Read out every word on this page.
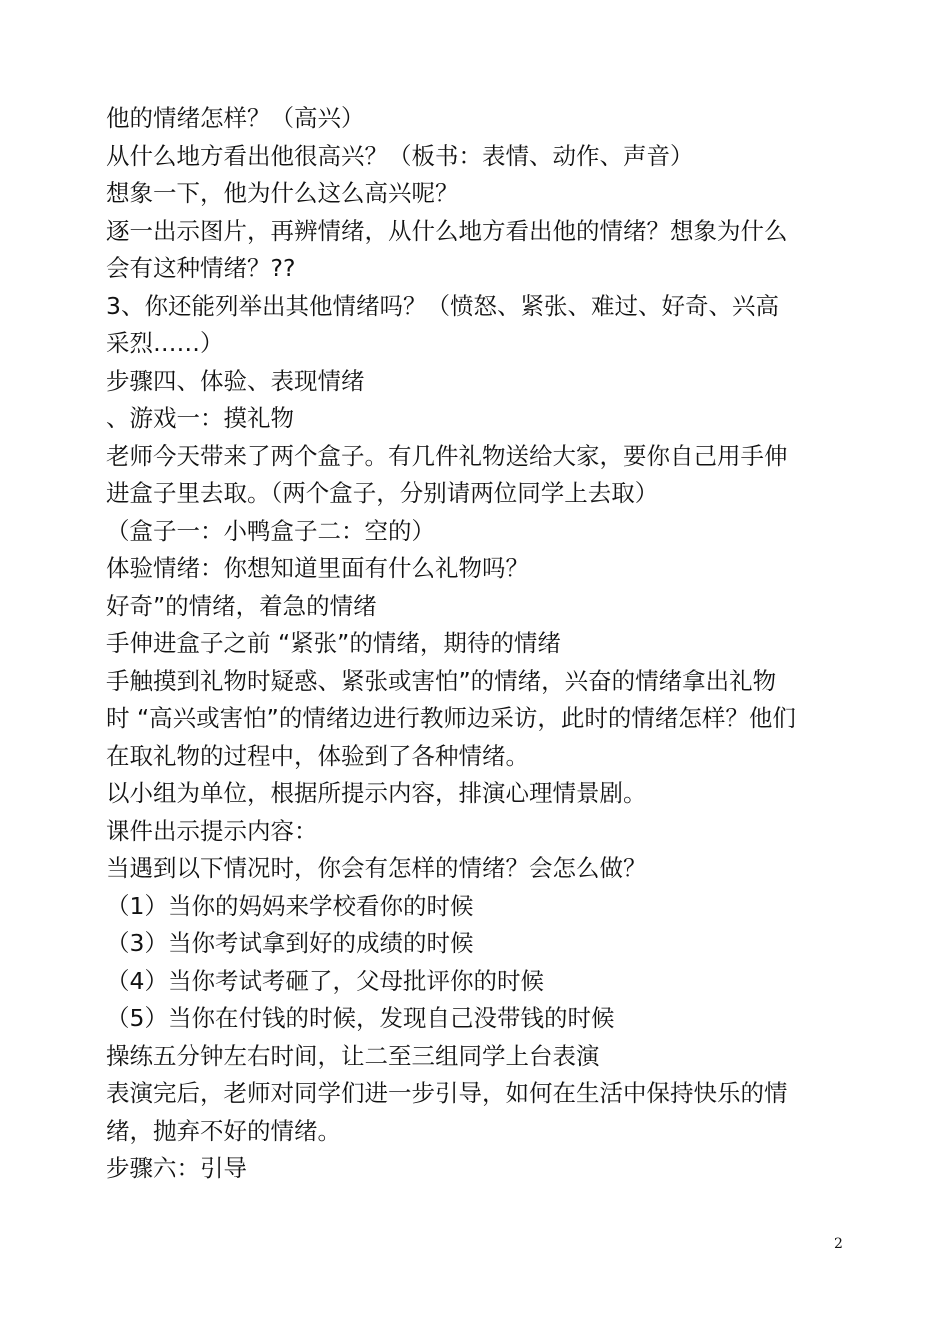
他的情绪怎样？（高兴）
从什么地方看出他很高兴？（板书：表情、动作、声音）
想象一下，他为什么这么高兴呢？
逐一出示图片，再辨情绪，从什么地方看出他的情绪？想象为什么
会有这种情绪？??
3、你还能列举出其他情绪吗？（愤怒、紧张、难过、好奇、兴高
采烈……）
步骤四、体验、表现情绪
、游戏一：摸礼物
老师今天带来了两个盒子。有几件礼物送给大家，要你自己用手伸
进盒子里去取。（两个盒子，分别请两位同学上去取）
（盒子一：小鸭盒子二：空的）
体验情绪：你想知道里面有什么礼物吗？
好奇”的情绪，着急的情绪
手伸进盒子之前 “紧张”的情绪，期待的情绪
手触摸到礼物时疑惑、紧张或害怕”的情绪，兴奋的情绪拿出礼物
时 “高兴或害怕”的情绪边进行教师边采访，此时的情绪怎样？他们
在取礼物的过程中，体验到了各种情绪。
以小组为单位，根据所提示内容，排演心理情景剧。
课件出示提示内容：
当遇到以下情况时，你会有怎样的情绪？会怎么做？
（1）当你的妈妈来学校看你的时候
（3）当你考试拿到好的成绩的时候
（4）当你考试考砸了，父母批评你的时候
（5）当你在付钱的时候，发现自己没带钱的时候
操练五分钟左右时间，让二至三组同学上台表演
表演完后，老师对同学们进一步引导，如何在生活中保持快乐的情
绪，抛弃不好的情绪。
步骤六：引导
2
